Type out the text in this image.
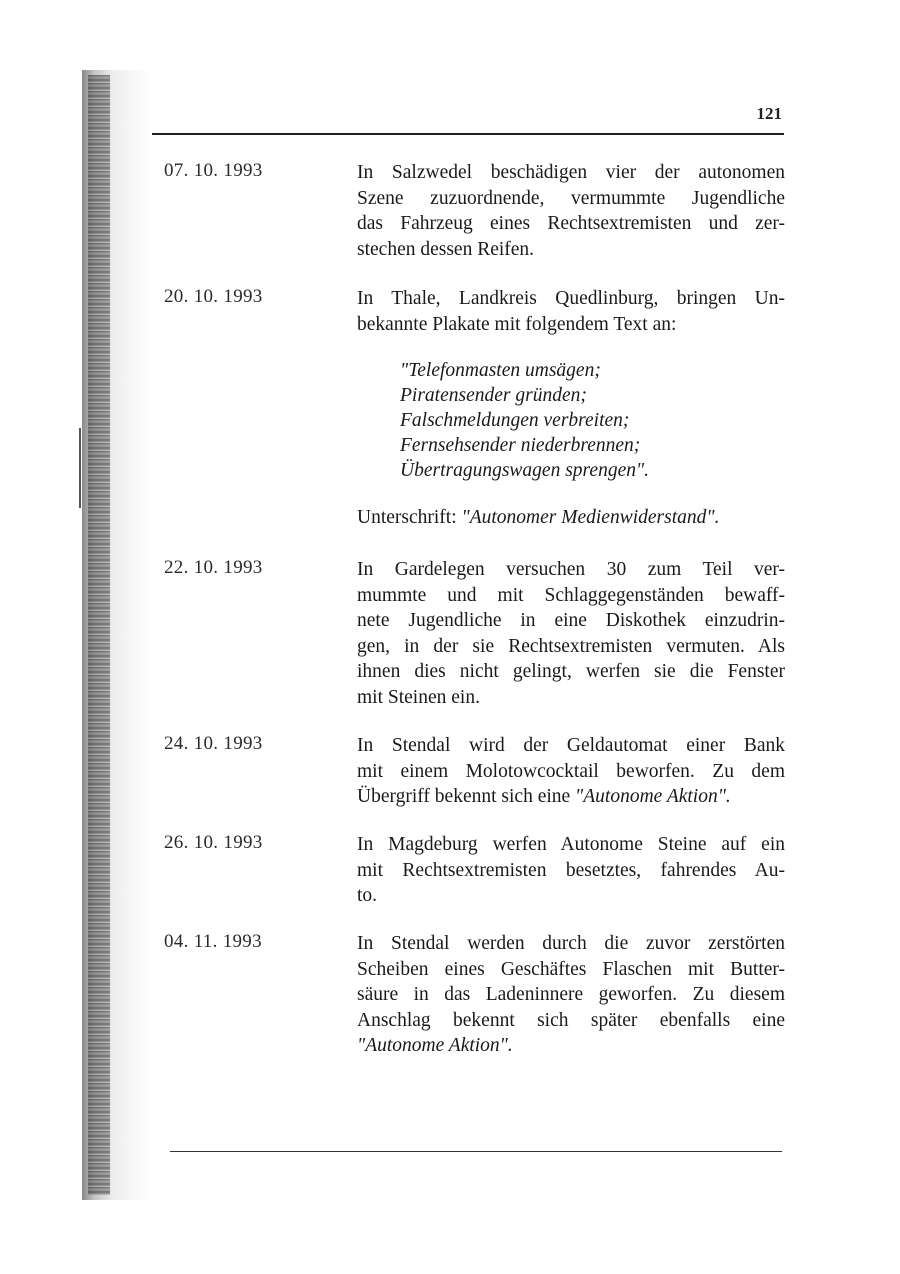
121
07. 10. 1993	In Salzwedel beschädigen vier der autonomen
Szene zuzuordnende, vermummte Jugendliche
das Fahrzeug eines Rechtsextremisten und zer-
stechen dessen Reifen.
20. 10. 1993	In Thale, Landkreis Quedlinburg, bringen Un-
bekannte Plakate mit folgendem Text an:
"Telefonmasten umsägen;
Piratensender gründen;
Falschmeldungen verbreiten;
Fernsehsender niederbrennen;
Übertragungswagen sprengen".
Unterschrift: "Autonomer Medienwiderstand".
22. 10. 1993	In Gardelegen versuchen 30 zum Teil ver-
mummte und mit Schlaggegenständen bewaff-
nete Jugendliche in eine Diskothek einzudrin-
gen, in der sie Rechtsextremisten vermuten. Als
ihnen dies nicht gelingt, werfen sie die Fenster
mit Steinen ein.
24. 10. 1993	In Stendal wird der Geldautomat einer Bank
mit einem Molotowcocktail beworfen. Zu dem
Übergriff bekennt sich eine "Autonome Aktion".
26. 10. 1993	In Magdeburg werfen Autonome Steine auf ein
mit Rechtsextremisten besetztes, fahrendes Au-
to.
04. 11. 1993	In Stendal werden durch die zuvor zerstörten
Scheiben eines Geschäftes Flaschen mit Butter-
säure in das Ladeninnere geworfen. Zu diesem
Anschlag bekennt sich später ebenfalls eine
"Autonome Aktion".
